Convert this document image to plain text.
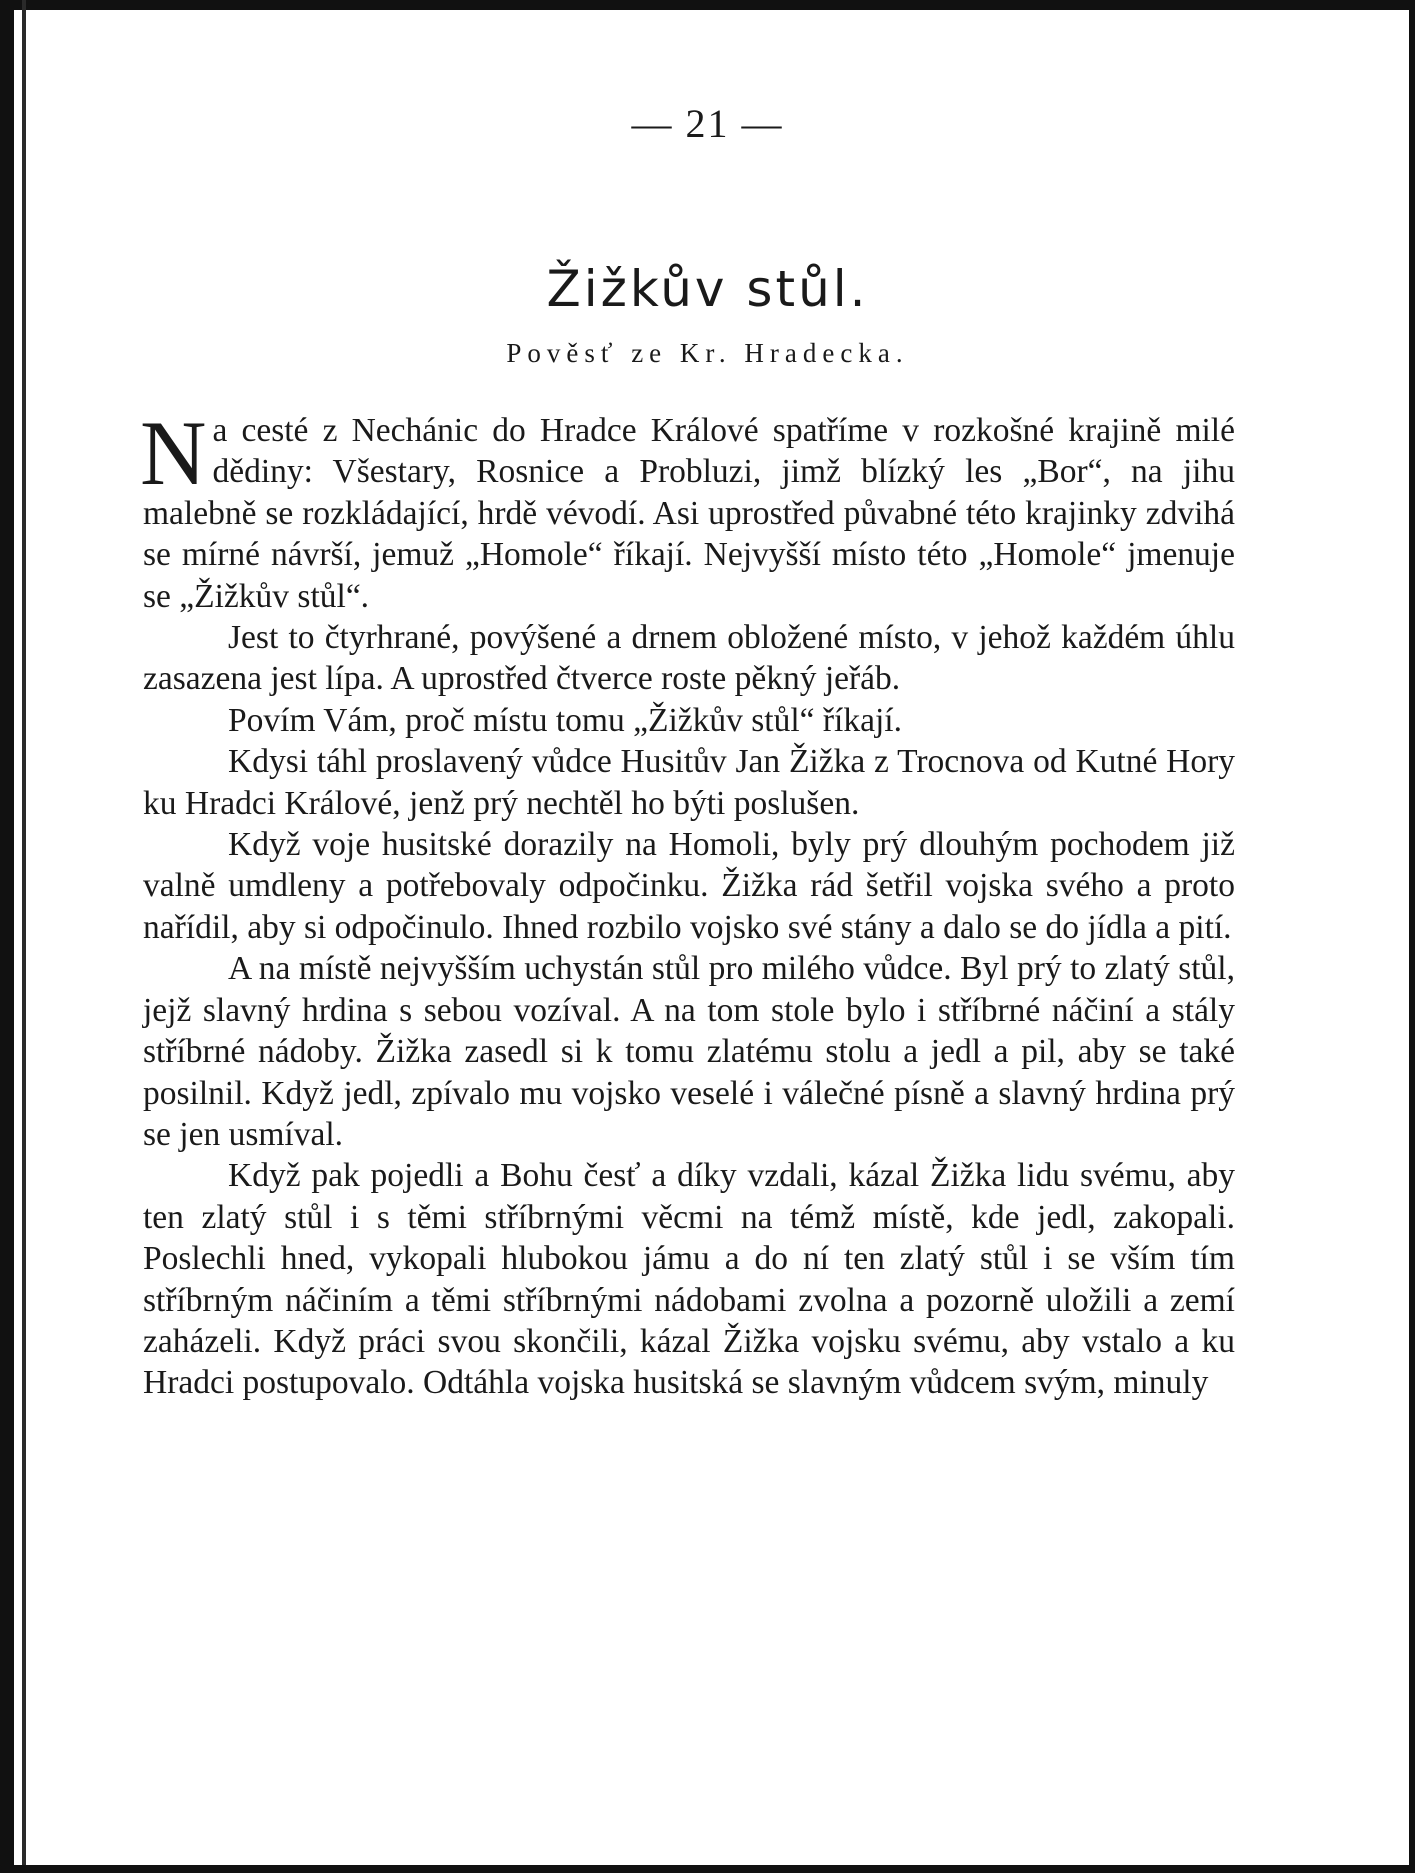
— 21 —
Žižkův stůl.
Pověsť ze Kr. Hradecka.

Na cesté z Nechánic do Hradce Králové spatříme v rozkošné krajině milé dědiny: Všestary, Rosnice a Probluzi, jimž blízký les „Bor“, na jihu malebně se rozkládající, hrdě vévodí. Asi uprostřed půvabné této krajinky zdvihá se mírné návrší, jemuž „Homole“ říkají. Nejvyšší místo této „Homole“ jmenuje se „Žižkův stůl“.

Jest to čtyrhrané, povýšené a drnem obložené místo, v jehož každém úhlu zasazena jest lípa. A uprostřed čtverce roste pěkný jeřáb.

Povím Vám, proč místu tomu „Žižkův stůl“ říkají.

Kdysi táhl proslavený vůdce Husitův Jan Žižka z Trocnova od Kutné Hory ku Hradci Králové, jenž prý nechtěl ho býti poslušen.

Když voje husitské dorazily na Homoli, byly prý dlouhým pochodem již valně umdleny a potřebovaly odpočinku. Žižka rád šetřil vojska svého a proto nařídil, aby si odpočinulo. Ihned rozbilo vojsko své stány a dalo se do jídla a pití.

A na místě nejvyšším uchystán stůl pro milého vůdce. Byl prý to zlatý stůl, jejž slavný hrdina s sebou vozíval. A na tom stole bylo i stříbrné náčiní a stály stříbrné nádoby. Žižka zasedl si k tomu zlatému stolu a jedl a pil, aby se také posilnil. Když jedl, zpívalo mu vojsko veselé i válečné písně a slavný hrdina prý se jen usmíval.

Když pak pojedli a Bohu česť a díky vzdali, kázal Žižka lidu svému, aby ten zlatý stůl i s těmi stříbrnými věcmi na témž místě, kde jedl, zakopali. Poslechli hned, vykopali hlubokou jámu a do ní ten zlatý stůl i se vším tím stříbrným náčiním a těmi stříbrnými nádobami zvolna a pozorně uložili a zemí zaházeli. Když práci svou skončili, kázal Žižka vojsku svému, aby vstalo a ku Hradci postupovalo. Odtáhla vojska husitská se slavným vůdcem svým, minuly
